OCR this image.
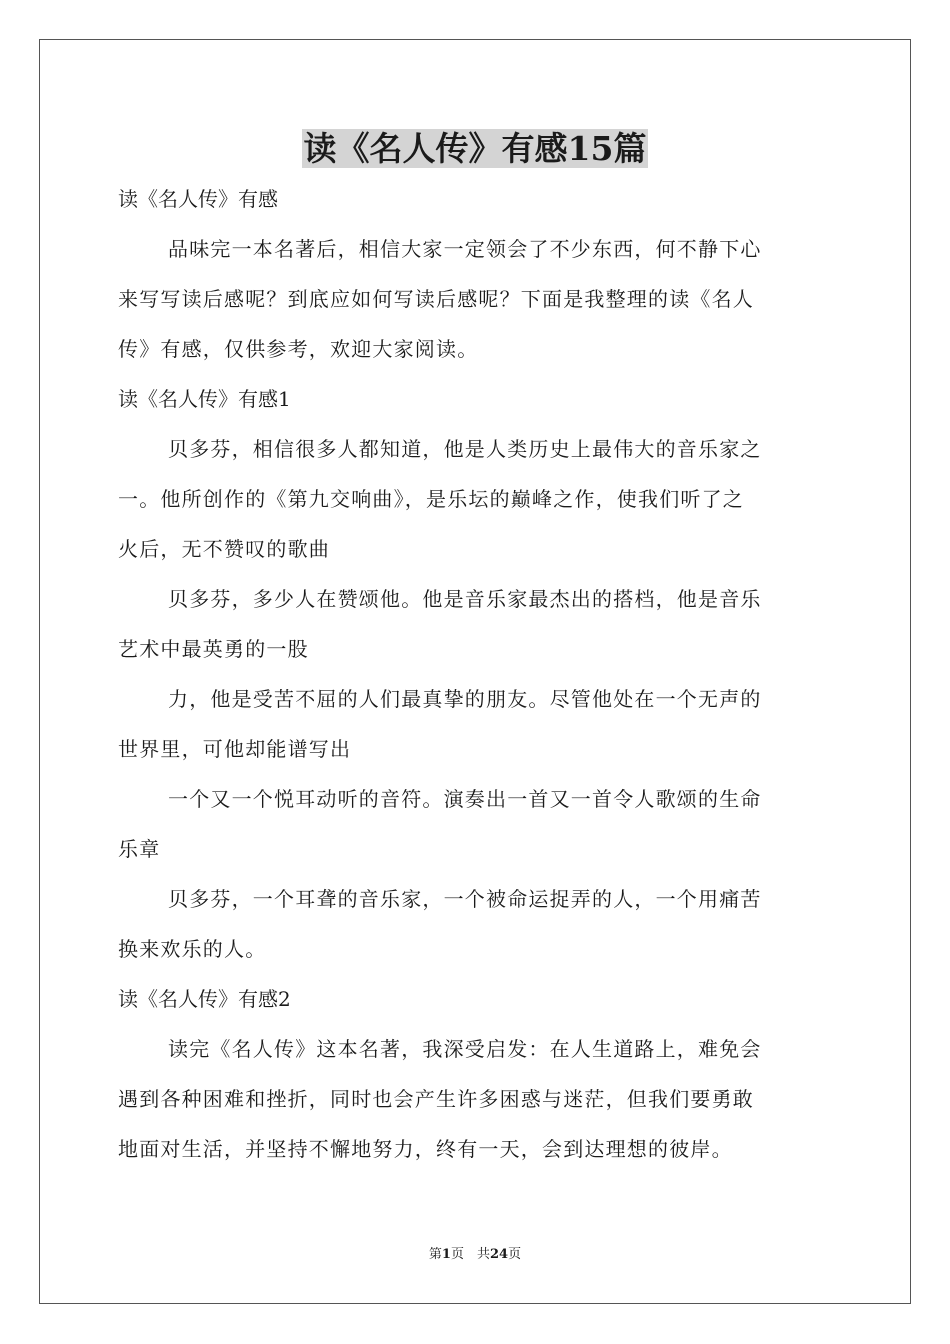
读《名人传》有感15篇

读《名人传》有感

品味完一本名著后，相信大家一定领会了不少东西，何不静下心
来写写读后感呢？到底应如何写读后感呢？下面是我整理的读《名人
传》有感，仅供参考，欢迎大家阅读。

读《名人传》有感1

贝多芬，相信很多人都知道，他是人类历史上最伟大的音乐家之
一。他所创作的《第九交响曲》，是乐坛的巅峰之作，使我们听了之
火后，无不赞叹的歌曲

贝多芬，多少人在赞颂他。他是音乐家最杰出的搭档，他是音乐
艺术中最英勇的一股

力，他是受苦不屈的人们最真挚的朋友。尽管他处在一个无声的
世界里，可他却能谱写出

一个又一个悦耳动听的音符。演奏出一首又一首令人歌颂的生命
乐章

贝多芬，一个耳聋的音乐家，一个被命运捉弄的人，一个用痛苦
换来欢乐的人。

读《名人传》有感2

读完《名人传》这本名著，我深受启发：在人生道路上，难免会
遇到各种困难和挫折，同时也会产生许多困惑与迷茫，但我们要勇敢
地面对生活，并坚持不懈地努力，终有一天，会到达理想的彼岸。

第1页　共24页
